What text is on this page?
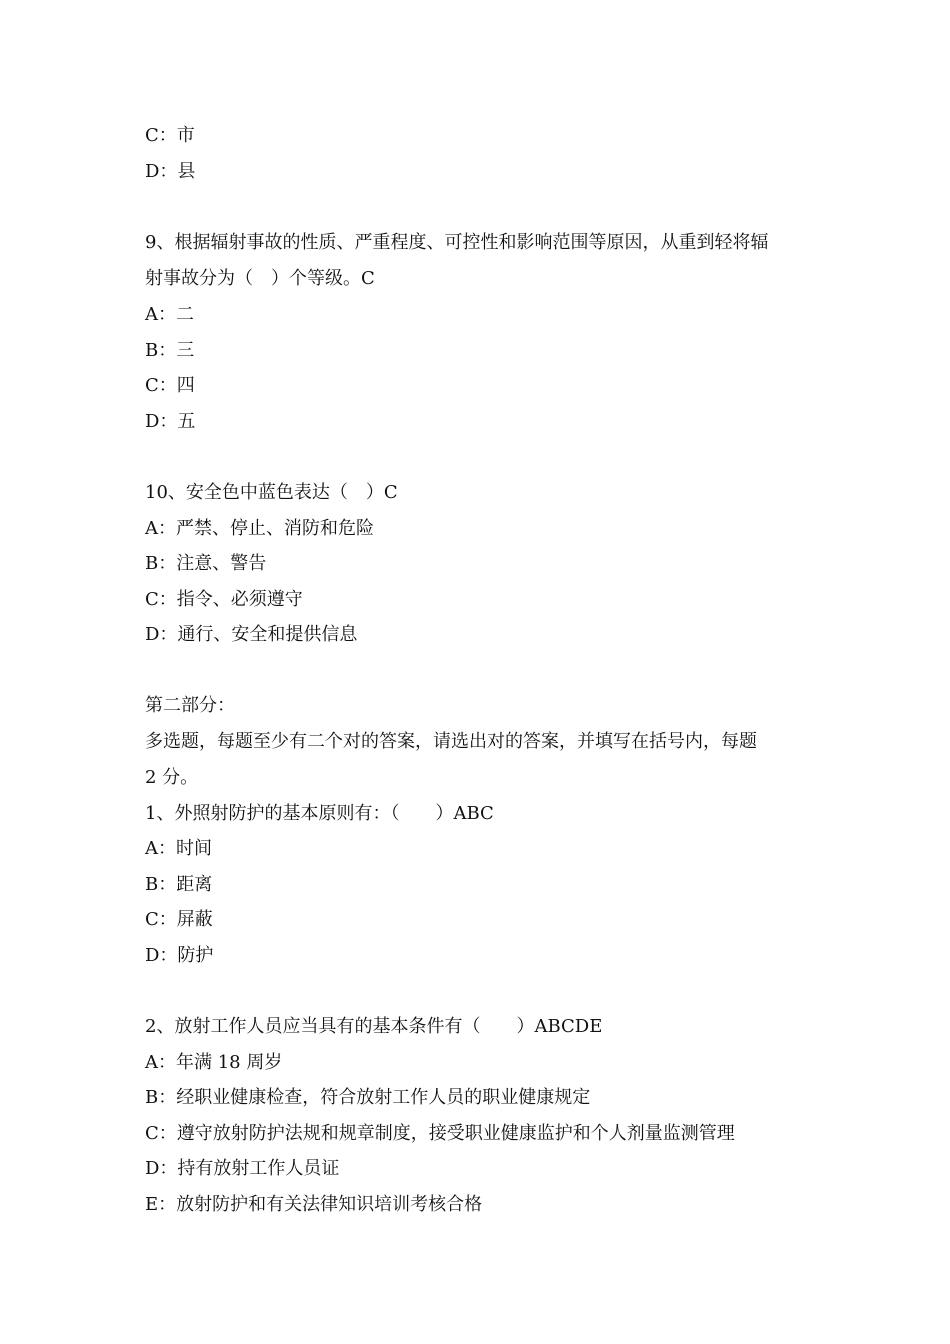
C：市
D：县
9、根据辐射事故的性质、严重程度、可控性和影响范围等原因，从重到轻将辐
射事故分为（　）个等级。C
A：二
B：三
C：四
D：五
10、安全色中蓝色表达（　）C
A：严禁、停止、消防和危险
B：注意、警告
C：指令、必须遵守
D：通行、安全和提供信息
第二部分：
多选题，每题至少有二个对的答案，请选出对的答案，并填写在括号内，每题
2 分。
1、外照射防护的基本原则有：（　　）ABC
A：时间
B：距离
C：屏蔽
D：防护
2、放射工作人员应当具有的基本条件有（　　）ABCDE
A：年满 18 周岁
B：经职业健康检查，符合放射工作人员的职业健康规定
C：遵守放射防护法规和规章制度，接受职业健康监护和个人剂量监测管理
D：持有放射工作人员证
E：放射防护和有关法律知识培训考核合格
